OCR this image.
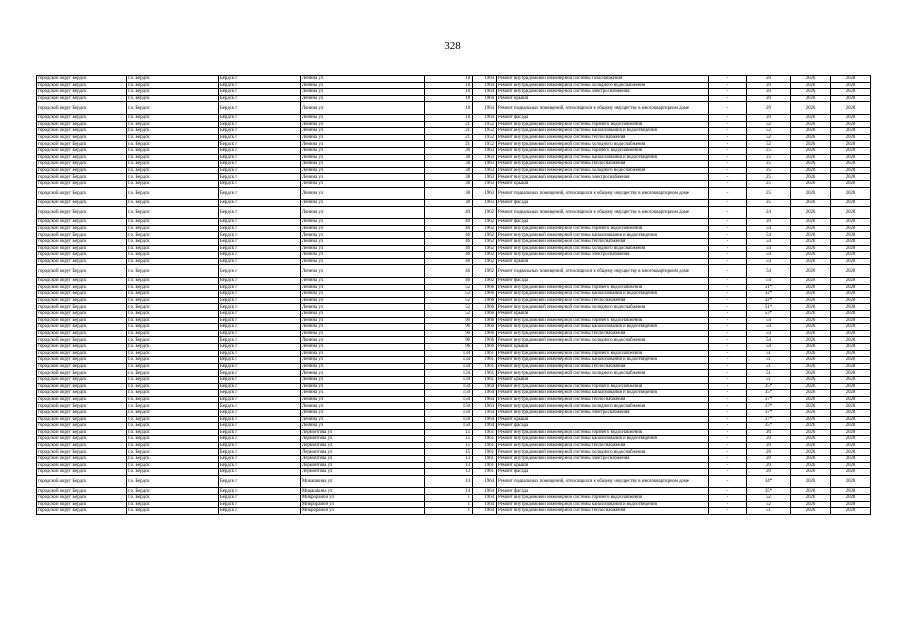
328
городской округ Бердск	г.о. Бердск	Бердск г	Ленина ул	18	1964	Ремонт внутридомовой инженерной системы газоснабжения	-	20	2026	2028
городской округ Бердск	г.о. Бердск	Бердск г	Ленина ул	18	1964	Ремонт внутридомовой инженерной системы холодного водоснабжения	-	20	2026	2028
городской округ Бердск	г.о. Бердск	Бердск г	Ленина ул	18	1964	Ремонт внутридомовой инженерной системы электроснабжения	-	20	2026	2028
городской округ Бердск	г.о. Бердск	Бердск г	Ленина ул	18	1964	Ремонт крыши	-	20	2026	2028
городской округ Бердск	г.о. Бердск	Бердск г	Ленина ул	18	1964	Ремонт подвальных помещений, относящихся к общему имуществу в многоквартирном доме	-	20	2026	2028
городской округ Бердск	г.о. Бердск	Бердск г	Ленина ул	18	1964	Ремонт фасада	-	20	2026	2028
городской округ Бердск	г.о. Бердск	Бердск г	Ленина ул	21	1952	Ремонт внутридомовой инженерной системы горячего водоснабжения	-	52	2026	2028
городской округ Бердск	г.о. Бердск	Бердск г	Ленина ул	21	1952	Ремонт внутридомовой инженерной системы канализования и водоотведения	-	52	2026	2028
городской округ Бердск	г.о. Бердск	Бердск г	Ленина ул	21	1952	Ремонт внутридомовой инженерной системы теплоснабжения	-	52	2026	2028
городской округ Бердск	г.о. Бердск	Бердск г	Ленина ул	21	1952	Ремонт внутридомовой инженерной системы холодного водоснабжения	-	52	2026	2028
городской округ Бердск	г.о. Бердск	Бердск г	Ленина ул	38	1963	Ремонт внутридомовой инженерной системы горячего водоснабжения	-	25	2026	2028
городской округ Бердск	г.о. Бердск	Бердск г	Ленина ул	38	1963	Ремонт внутридомовой инженерной системы канализования и водоотведения	-	25	2026	2028
городской округ Бердск	г.о. Бердск	Бердск г	Ленина ул	38	1963	Ремонт внутридомовой инженерной системы теплоснабжения	-	25	2026	2028
городской округ Бердск	г.о. Бердск	Бердск г	Ленина ул	38	1963	Ремонт внутридомовой инженерной системы холодного водоснабжения	-	25	2026	2028
городской округ Бердск	г.о. Бердск	Бердск г	Ленина ул	38	1963	Ремонт внутридомовой инженерной системы электроснабжения	-	25	2026	2028
городской округ Бердск	г.о. Бердск	Бердск г	Ленина ул	38	1963	Ремонт крыши	-	25	2026	2028
городской округ Бердск	г.о. Бердск	Бердск г	Ленина ул	38	1963	Ремонт подвальных помещений, относящихся к общему имуществу в многоквартирном доме	-	25	2026	2028
городской округ Бердск	г.о. Бердск	Бердск г	Ленина ул	38	1963	Ремонт фасада	-	25	2026	2028
городской округ Бердск	г.о. Бердск	Бердск г	Ленина ул	40	1962	Ремонт подвальных помещений, относящихся к общему имуществу в многоквартирном доме	-	24	2026	2028
городской округ Бердск	г.о. Бердск	Бердск г	Ленина ул	40	1962	Ремонт фасада	-	20	2026	2028
городской округ Бердск	г.о. Бердск	Бердск г	Ленина ул	46	1962	Ремонт внутридомовой инженерной системы горячего водоснабжения	-	54	2026	2028
городской округ Бердск	г.о. Бердск	Бердск г	Ленина ул	46	1962	Ремонт внутридомовой инженерной системы канализования и водоотведения	-	54	2026	2028
городской округ Бердск	г.о. Бердск	Бердск г	Ленина ул	46	1962	Ремонт внутридомовой инженерной системы теплоснабжения	-	54	2026	2028
городской округ Бердск	г.о. Бердск	Бердск г	Ленина ул	46	1962	Ремонт внутридомовой инженерной системы холодного водоснабжения	-	54	2026	2028
городской округ Бердск	г.о. Бердск	Бердск г	Ленина ул	46	1962	Ремонт внутридомовой инженерной системы электроснабжения	-	54	2026	2028
городской округ Бердск	г.о. Бердск	Бердск г	Ленина ул	46	1962	Ремонт крыши	-	54	2026	2028
городской округ Бердск	г.о. Бердск	Бердск г	Ленина ул	46	1962	Ремонт подвальных помещений, относящихся к общему имуществу в многоквартирном доме	-	54	2026	2028
городской округ Бердск	г.о. Бердск	Бердск г	Ленина ул	46	1962	Ремонт фасада	-	54	2026	2028
городской округ Бердск	г.о. Бердск	Бердск г	Ленина ул	52	1966	Ремонт внутридомовой инженерной системы горячего водоснабжения	-	31*	2026	2028
городской округ Бердск	г.о. Бердск	Бердск г	Ленина ул	52	1966	Ремонт внутридомовой инженерной системы канализования и водоотведения	-	32*	2026	2028
городской округ Бердск	г.о. Бердск	Бердск г	Ленина ул	52	1966	Ремонт внутридомовой инженерной системы теплоснабжения	-	32*	2026	2028
городской округ Бердск	г.о. Бердск	Бердск г	Ленина ул	52	1966	Ремонт внутридомовой инженерной системы холодного водоснабжения	-	51*	2026	2028
городской округ Бердск	г.о. Бердск	Бердск г	Ленина ул	52	1966	Ремонт крыши	-	53*	2026	2028
городской округ Бердск	г.о. Бердск	Бердск г	Ленина ул	96	1966	Ремонт внутридомовой инженерной системы горячего водоснабжения	-	54	2026	2028
городской округ Бердск	г.о. Бердск	Бердск г	Ленина ул	96	1966	Ремонт внутридомовой инженерной системы канализования и водоотведения	-	54	2026	2028
городской округ Бердск	г.о. Бердск	Бердск г	Ленина ул	96	1966	Ремонт внутридомовой инженерной системы теплоснабжения	-	54	2026	2028
городской округ Бердск	г.о. Бердск	Бердск г	Ленина ул	96	1966	Ремонт внутридомовой инженерной системы холодного водоснабжения	-	54	2026	2028
городской округ Бердск	г.о. Бердск	Бердск г	Ленина ул	96	1966	Ремонт крыши	-	54	2026	2028
городской округ Бердск	г.о. Бердск	Бердск г	Ленина ул	134	1961	Ремонт внутридомовой инженерной системы горячего водоснабжения	-	51	2026	2028
городской округ Бердск	г.о. Бердск	Бердск г	Ленина ул	134	1961	Ремонт внутридомовой инженерной системы канализования и водоотведения	-	51	2026	2028
городской округ Бердск	г.о. Бердск	Бердск г	Ленина ул	134	1961	Ремонт внутридомовой инженерной системы теплоснабжения	-	51	2026	2028
городской округ Бердск	г.о. Бердск	Бердск г	Ленина ул	134	1961	Ремонт внутридомовой инженерной системы холодного водоснабжения	-	51	2026	2028
городской округ Бердск	г.о. Бердск	Бердск г	Ленина ул	134	1961	Ремонт крыши	-	51	2026	2028
городской округ Бердск	г.о. Бердск	Бердск г	Ленина ул	150	1964	Ремонт внутридомовой инженерной системы горячего водоснабжения	-	35*	2026	2028
городской округ Бердск	г.о. Бердск	Бердск г	Ленина ул	150	1964	Ремонт внутридомовой инженерной системы канализования и водоотведения	-	35*	2026	2028
городской округ Бердск	г.о. Бердск	Бердск г	Ленина ул	150	1964	Ремонт внутридомовой инженерной системы теплоснабжения	-	37*	2026	2028
городской округ Бердск	г.о. Бердск	Бердск г	Ленина ул	150	1964	Ремонт внутридомовой инженерной системы холодного водоснабжения	-	37*	2026	2028
городской округ Бердск	г.о. Бердск	Бердск г	Ленина ул	150	1964	Ремонт внутридомовой инженерной системы электроснабжения	-	37*	2026	2028
городской округ Бердск	г.о. Бердск	Бердск г	Ленина ул	150	1964	Ремонт крыши	-	37*	2026	2028
городской округ Бердск	г.о. Бердск	Бердск г	Ленина ул	150	1964	Ремонт фасада	-	35*	2026	2028
городской округ Бердск	г.о. Бердск	Бердск г	Лермонтова ул	15	1961	Ремонт внутридомовой инженерной системы горячего водоснабжения	-	20	2026	2028
городской округ Бердск	г.о. Бердск	Бердск г	Лермонтова ул	15	1961	Ремонт внутридомовой инженерной системы канализования и водоотведения	-	20	2026	2028
городской округ Бердск	г.о. Бердск	Бердск г	Лермонтова ул	15	1961	Ремонт внутридомовой инженерной системы теплоснабжения	-	20	2026	2028
городской округ Бердск	г.о. Бердск	Бердск г	Лермонтова ул	15	1961	Ремонт внутридомовой инженерной системы холодного водоснабжения	-	20	2026	2028
городской округ Бердск	г.о. Бердск	Бердск г	Лермонтова ул	13	1961	Ремонт внутридомовой инженерной системы электроснабжения	-	20	2026	2028
городской округ Бердск	г.о. Бердск	Бердск г	Лермонтова ул	13	1961	Ремонт крыши	-	20	2026	2028
городской округ Бердск	г.о. Бердск	Бердск г	Лермонтова ул	13	1961	Ремонт фасада	-	20	2026	2028
городской округ Бердск	г.о. Бердск	Бердск г	Микашкина ул	14	1964	Ремонт подвальных помещений, относящихся к общему имуществу в многоквартирном доме	-	34*	2026	2028
городской округ Бердск	г.о. Бердск	Бердск г	Микашкина ул	14	1964	Ремонт фасада	-	35*	2026	2028
городской округ Бердск	г.о. Бердск	Бердск г	Микрорайон ул	1	1964	Ремонт внутридомовой инженерной системы горячего водоснабжения	-	52	2026	2028
городской округ Бердск	г.о. Бердск	Бердск г	Микрорайон ул	1	1964	Ремонт внутридомовой инженерной системы канализования и водоотведения	-	52	2026	2028
городской округ Бердск	г.о. Бердск	Бердск г	Микрорайон ул	1	1964	Ремонт внутридомовой инженерной системы теплоснабжения	-	51	2026	2028
